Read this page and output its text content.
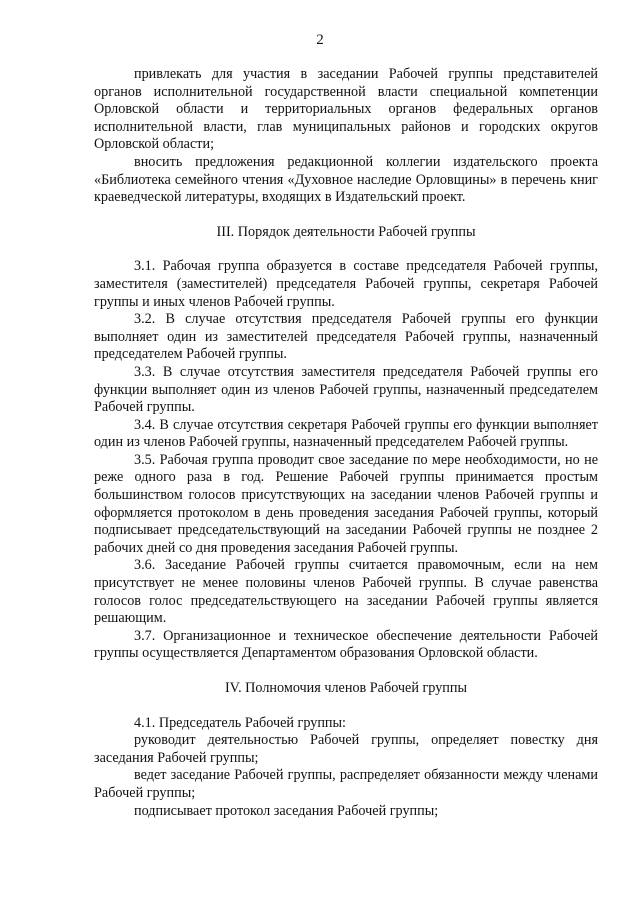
2

привлекать для участия в заседании Рабочей группы представителей органов исполнительной государственной власти специальной компетенции Орловской области и территориальных органов федеральных органов исполнительной власти, глав муниципальных районов и городских округов Орловской области;

вносить предложения редакционной коллегии издательского проекта «Библиотека семейного чтения «Духовное наследие Орловщины» в перечень книг краеведческой литературы, входящих в Издательский проект.

III. Порядок деятельности Рабочей группы

3.1. Рабочая группа образуется в составе председателя Рабочей группы, заместителя (заместителей) председателя Рабочей группы, секретаря Рабочей группы и иных членов Рабочей группы.

3.2. В случае отсутствия председателя Рабочей группы его функции выполняет один из заместителей председателя Рабочей группы, назначенный председателем Рабочей группы.

3.3. В случае отсутствия заместителя председателя Рабочей группы его функции выполняет один из членов Рабочей группы, назначенный председателем Рабочей группы.

3.4. В случае отсутствия секретаря Рабочей группы его функции выполняет один из членов Рабочей группы, назначенный председателем Рабочей группы.

3.5. Рабочая группа проводит свое заседание по мере необходимости, но не реже одного раза в год. Решение Рабочей группы принимается простым большинством голосов присутствующих на заседании членов Рабочей группы и оформляется протоколом в день проведения заседания Рабочей группы, который подписывает председательствующий на заседании Рабочей группы не позднее 2 рабочих дней со дня проведения заседания Рабочей группы.

3.6. Заседание Рабочей группы считается правомочным, если на нем присутствует не менее половины членов Рабочей группы. В случае равенства голосов голос председательствующего на заседании Рабочей группы является решающим.

3.7. Организационное и техническое обеспечение деятельности Рабочей группы осуществляется Департаментом образования Орловской области.

IV. Полномочия членов Рабочей группы

4.1. Председатель Рабочей группы:

руководит деятельностью Рабочей группы, определяет повестку дня заседания Рабочей группы;

ведет заседание Рабочей группы, распределяет обязанности между членами Рабочей группы;

подписывает протокол заседания Рабочей группы;
